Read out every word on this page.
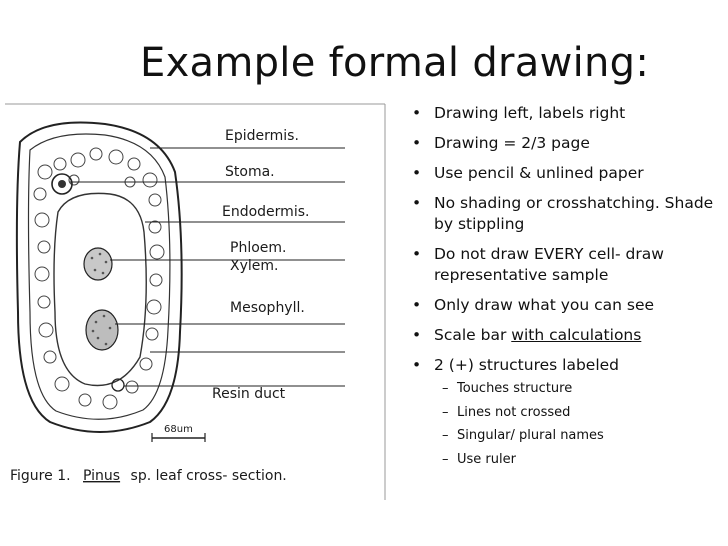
Example formal drawing:
Epidermis.
Stoma.
Endodermis.
Phloem.
Xylem.
Mesophyll.
Resin duct
68um
Figure 1. Pinus sp. leaf cross- section.
• Drawing left, labels right
• Drawing = 2/3 page
• Use pencil & unlined paper
• No shading or crosshatching. Shade by stippling
• Do not draw EVERY cell- draw representative sample
• Only draw what you can see
• Scale bar with calculations
• 2 (+) structures labeled
– Touches structure
– Lines not crossed
– Singular/ plural names
– Use ruler
